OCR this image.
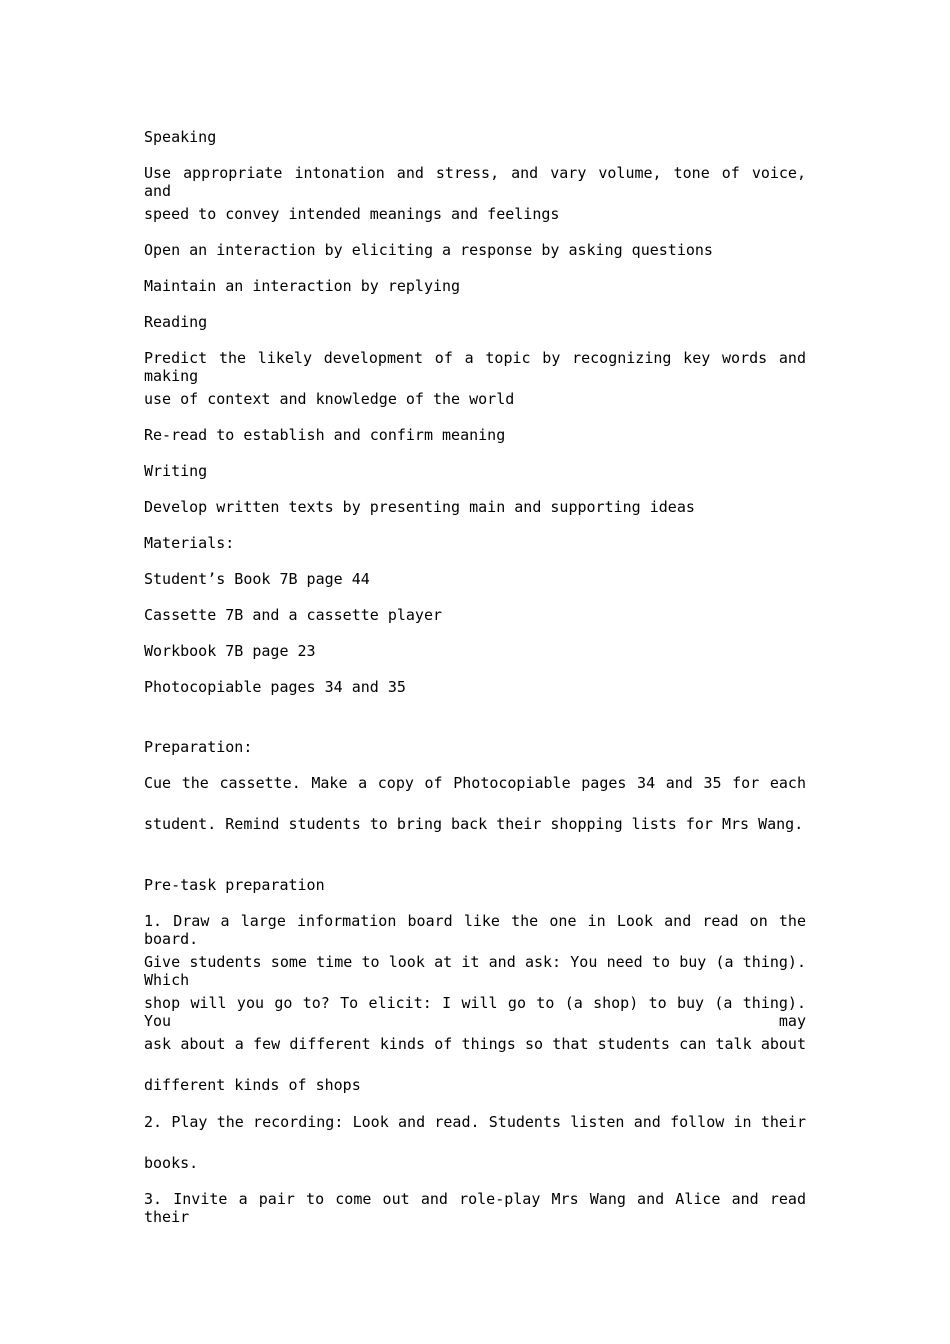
Speaking
Use appropriate intonation and stress, and vary volume, tone of voice, and
speed to convey intended meanings and feelings
Open an interaction by eliciting a response by asking questions
Maintain an interaction by replying
Reading
Predict the likely development of a topic by recognizing key words and making
use of context and knowledge of the world
Re-read to establish and confirm meaning
Writing
Develop written texts by presenting main and supporting ideas
Materials:
Student’s Book 7B page 44
Cassette 7B and a cassette player
Workbook 7B page 23
Photocopiable pages 34 and 35
Preparation:
Cue the cassette. Make a copy of Photocopiable pages 34 and 35 for each
student. Remind students to bring back their shopping lists for Mrs Wang.
Pre-task preparation
1. Draw a large information board like the one in Look and read on the board.
Give students some time to look at it and ask: You need to buy (a thing). Which
shop will you go to? To elicit: I will go to (a shop) to buy (a thing). You may
ask about a few different kinds of things so that students can talk about
different kinds of shops
2. Play the recording: Look and read. Students listen and follow in their
books.
3. Invite a pair to come out and role-play Mrs Wang and Alice and read their
